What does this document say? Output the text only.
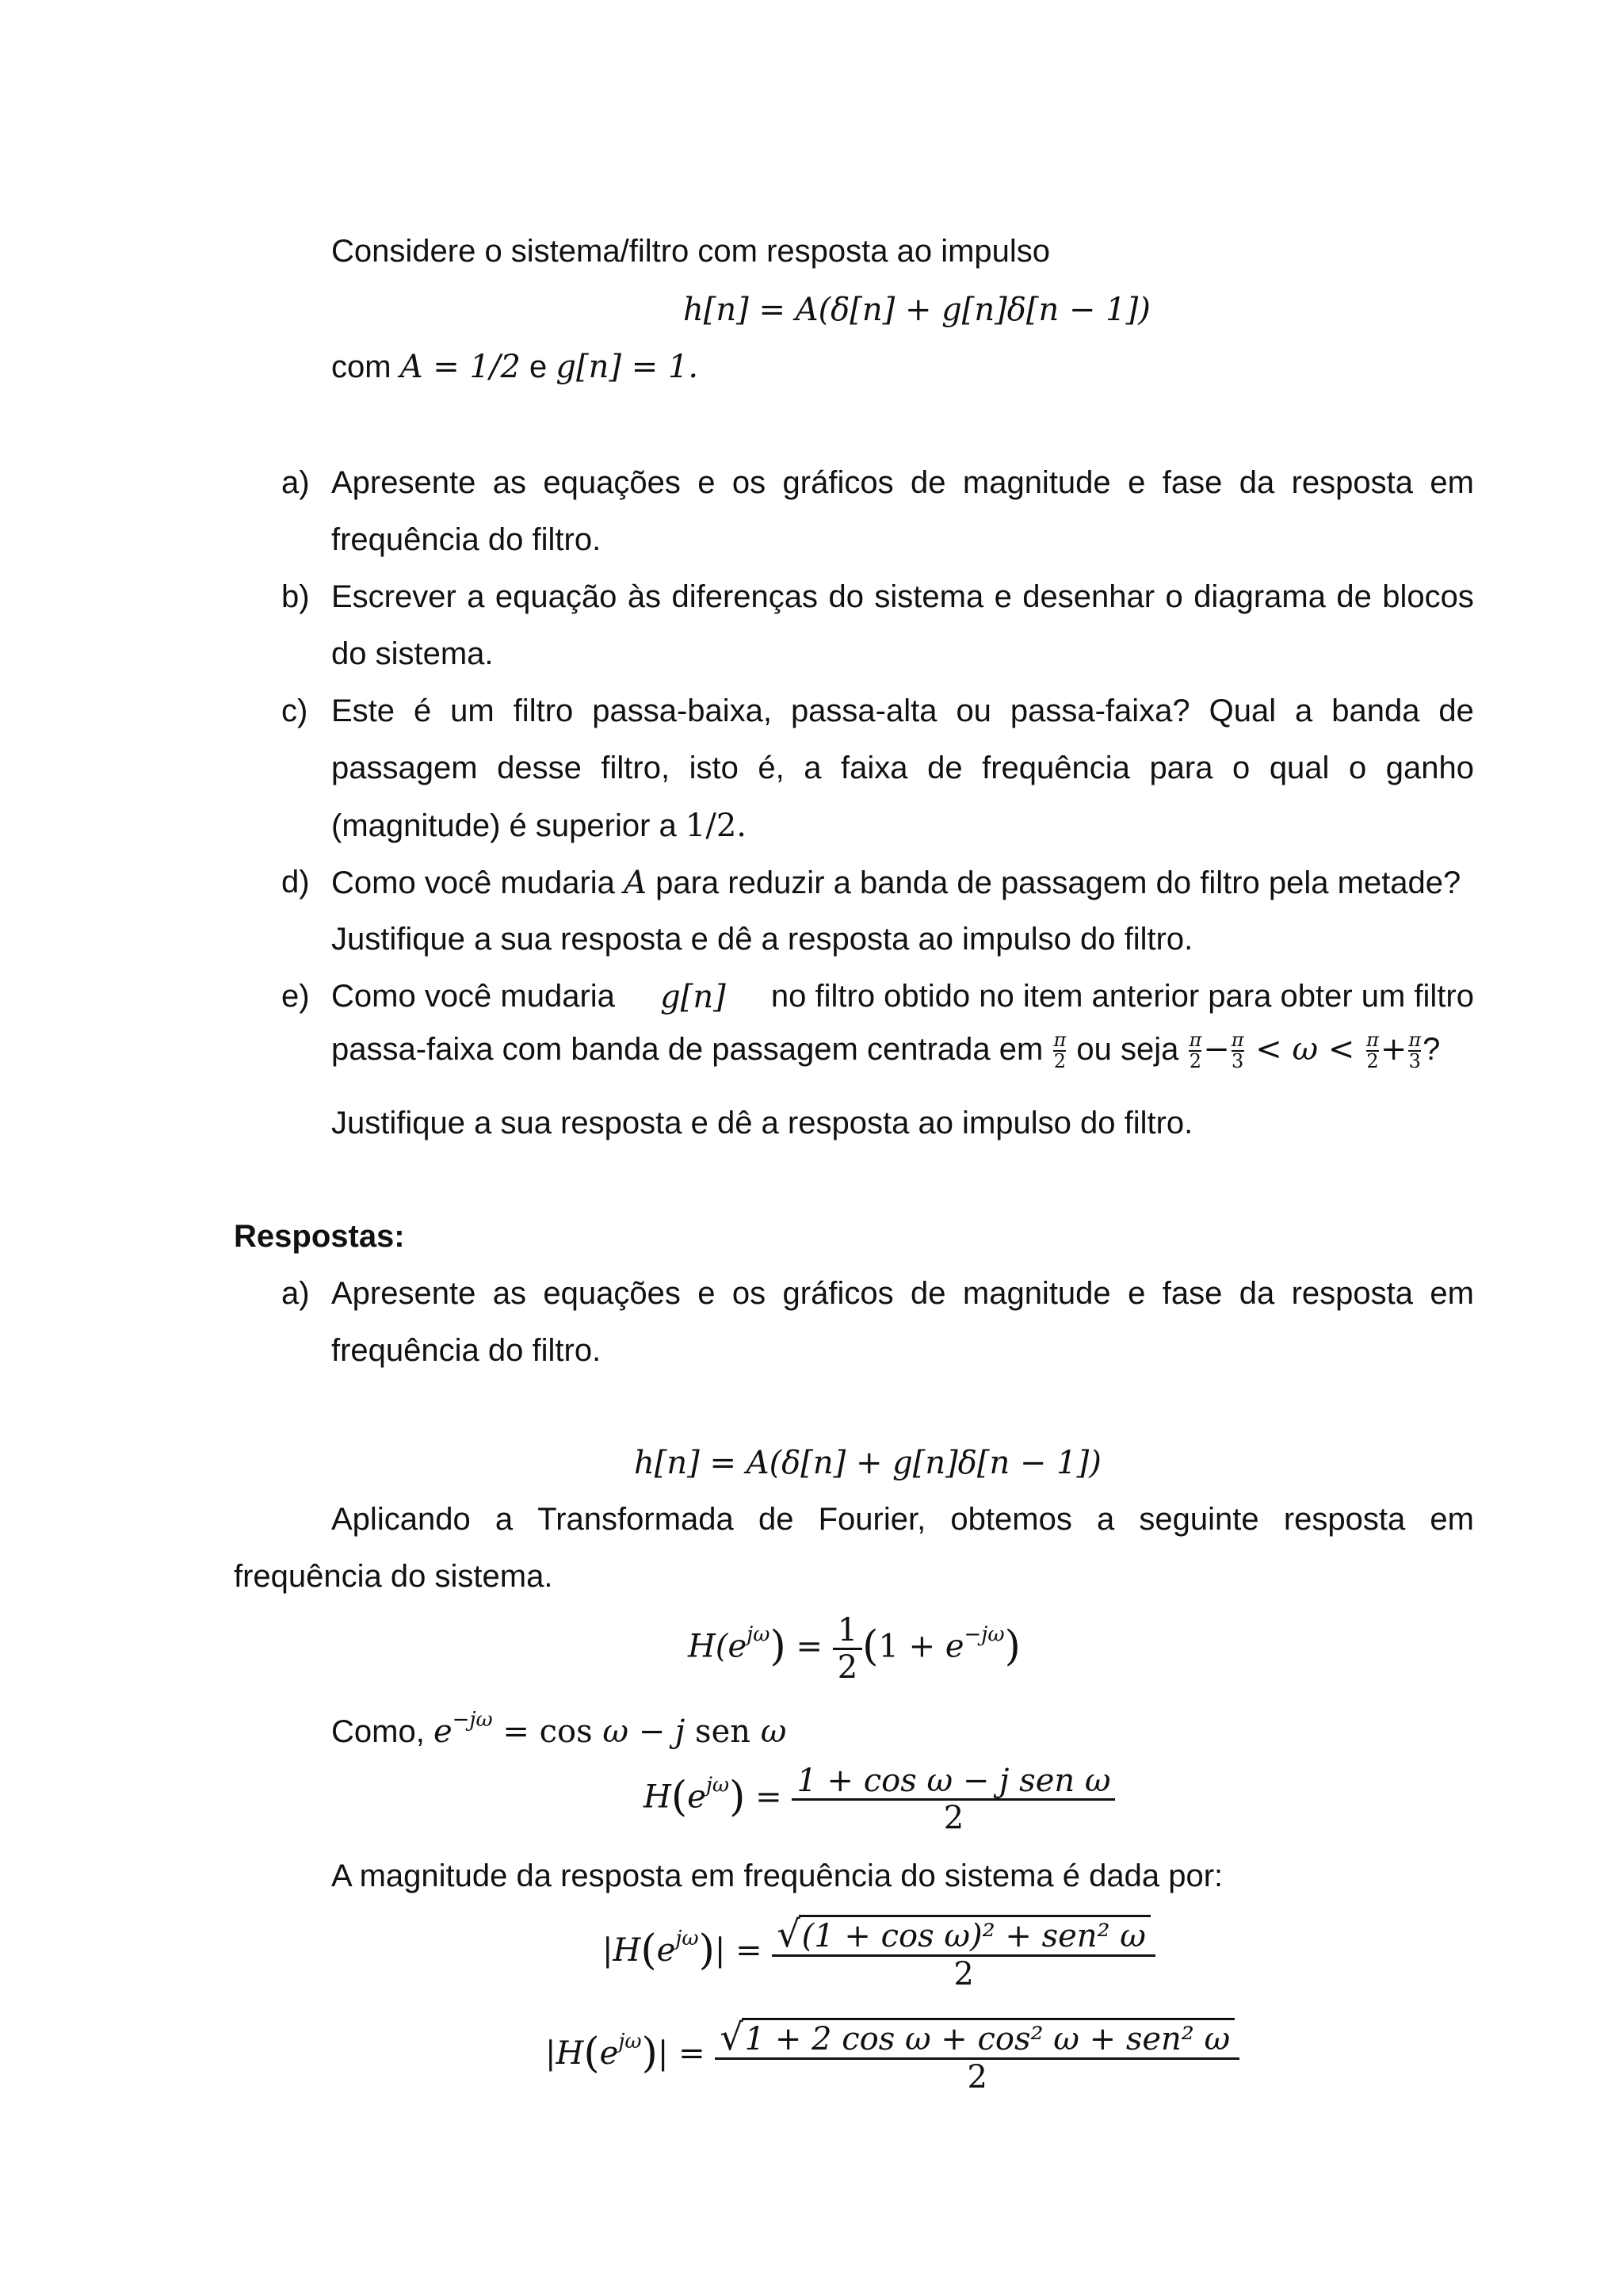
Considere o sistema/filtro com resposta ao impulso
h[n] = A(δ[n] + g[n]δ[n − 1])
com A = 1/2 e g[n] = 1.
a) Apresente as equações e os gráficos de magnitude e fase da resposta em
frequência do filtro.
b) Escrever a equação às diferenças do sistema e desenhar o diagrama de blocos
do sistema.
c) Este é um filtro passa-baixa, passa-alta ou passa-faixa? Qual a banda de
passagem desse filtro, isto é, a faixa de frequência para o qual o ganho
(magnitude) é superior a 1/2.
d) Como você mudaria A para reduzir a banda de passagem do filtro pela metade?
Justifique a sua resposta e dê a resposta ao impulso do filtro.
e) Como você mudaria g[n] no filtro obtido no item anterior para obter um filtro
passa-faixa com banda de passagem centrada em $\frac{\pi}{2}$ ou seja $\frac{\pi}{2} - \frac{\pi}{3} < \omega < \frac{\pi}{2} + \frac{\pi}{3}$ ?
Justifique a sua resposta e dê a resposta ao impulso do filtro.
Respostas:
a) Apresente as equações e os gráficos de magnitude e fase da resposta em
frequência do filtro.
h[n] = A(δ[n] + g[n]δ[n − 1])
Aplicando a Transformada de Fourier, obtemos a seguinte resposta em
frequência do sistema.
$H(e^{j\omega}) = \frac{1}{2} (1 + e^{-j\omega})$
Como, $e^{-j\omega} = \cos \omega - j$ sen ω
$H(e^{j\omega}) = \frac{\text{1 + cos ω − j sen ω}}{2}$
A magnitude da resposta em frequência do sistema é dada por:
$|H(e^{j\omega})| = \frac{\text{√(1 + cos ω)² + sen² ω}}{2}$
$|H(e^{j\omega})| = \frac{\text{√1 + 2 cos ω + cos² ω + sen² ω}}{2}$
